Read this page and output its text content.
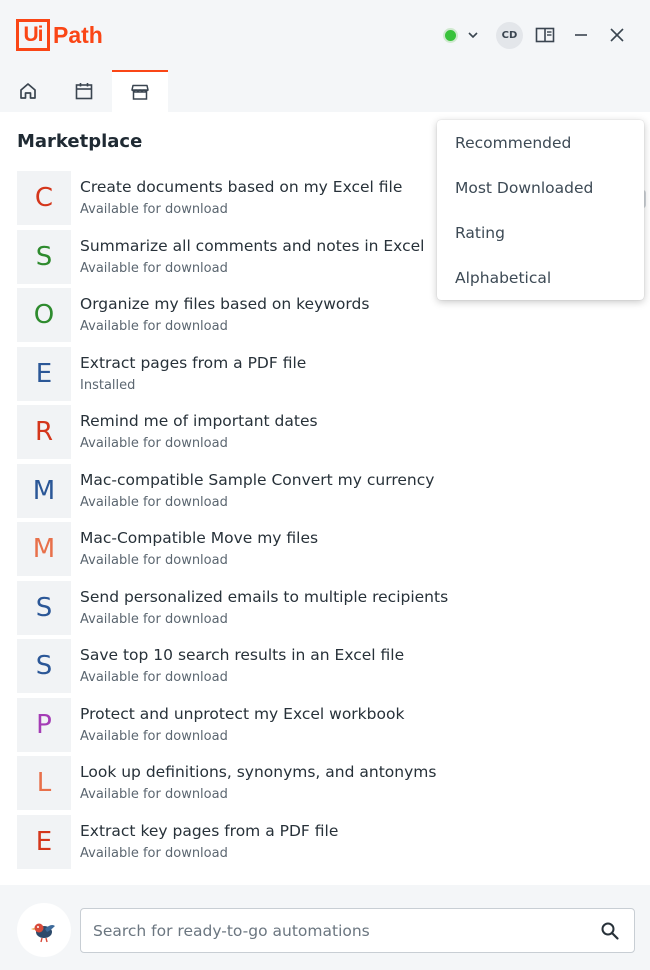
Ui Path	CD
Marketplace
C	Create documents based on my Excel file
Available for download
S	Summarize all comments and notes in Excel
Available for download
O	Organize my files based on keywords
Available for download
E	Extract pages from a PDF file
Installed
R	Remind me of important dates
Available for download
M	Mac-compatible Sample Convert my currency
Available for download
M	Mac-Compatible Move my files
Available for download
S	Send personalized emails to multiple recipients
Available for download
S	Save top 10 search results in an Excel file
Available for download
P	Protect and unprotect my Excel workbook
Available for download
L	Look up definitions, synonyms, and antonyms
Available for download
E	Extract key pages from a PDF file
Available for download
Recommended
Most Downloaded
Rating
Alphabetical
Search for ready-to-go automations
